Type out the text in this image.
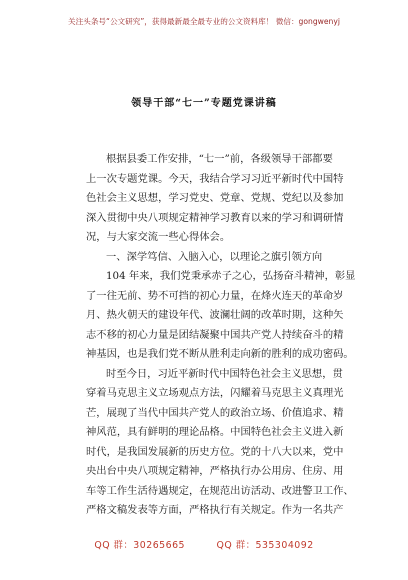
关注头条号“公文研究”，获得最新最全最专业的公文资料库！ 微信：gongwenyj
领导干部“七一”专题党课讲稿
根据县委工作安排，“七一”前，各级领导干部都要
上一次专题党课。今天，我结合学习习近平新时代中国特
色社会主义思想，学习党史、党章、党规、党纪以及参加
深入贯彻中央八项规定精神学习教育以来的学习和调研情
况，与大家交流一些心得体会。
一、深学笃信、入脑入心，以理论之旗引领方向
104 年来，我们党秉承赤子之心，弘扬奋斗精神，彰显
了一往无前、势不可挡的初心力量，在烽火连天的革命岁
月、热火朝天的建设年代、波澜壮阔的改革时期，这种矢
志不移的初心力量是团结凝聚中国共产党人持续奋斗的精
神基因，也是我们党不断从胜利走向新的胜利的成功密码。
时至今日，习近平新时代中国特色社会主义思想，贯
穿着马克思主义立场观点方法，闪耀着马克思主义真理光
芒，展现了当代中国共产党人的政治立场、价值追求、精
神风范，具有鲜明的理论品格。中国特色社会主义进入新
时代，是我国发展新的历史方位。党的十八大以来，党中
央出台中央八项规定精神，严格执行办公用房、住房、用
车等工作生活待遇规定，在规范出访活动、改进警卫工作、
严格文稿发表等方面，严格执行有关规定。作为一名共产
QQ 群：30265665	QQ 群：535304092
